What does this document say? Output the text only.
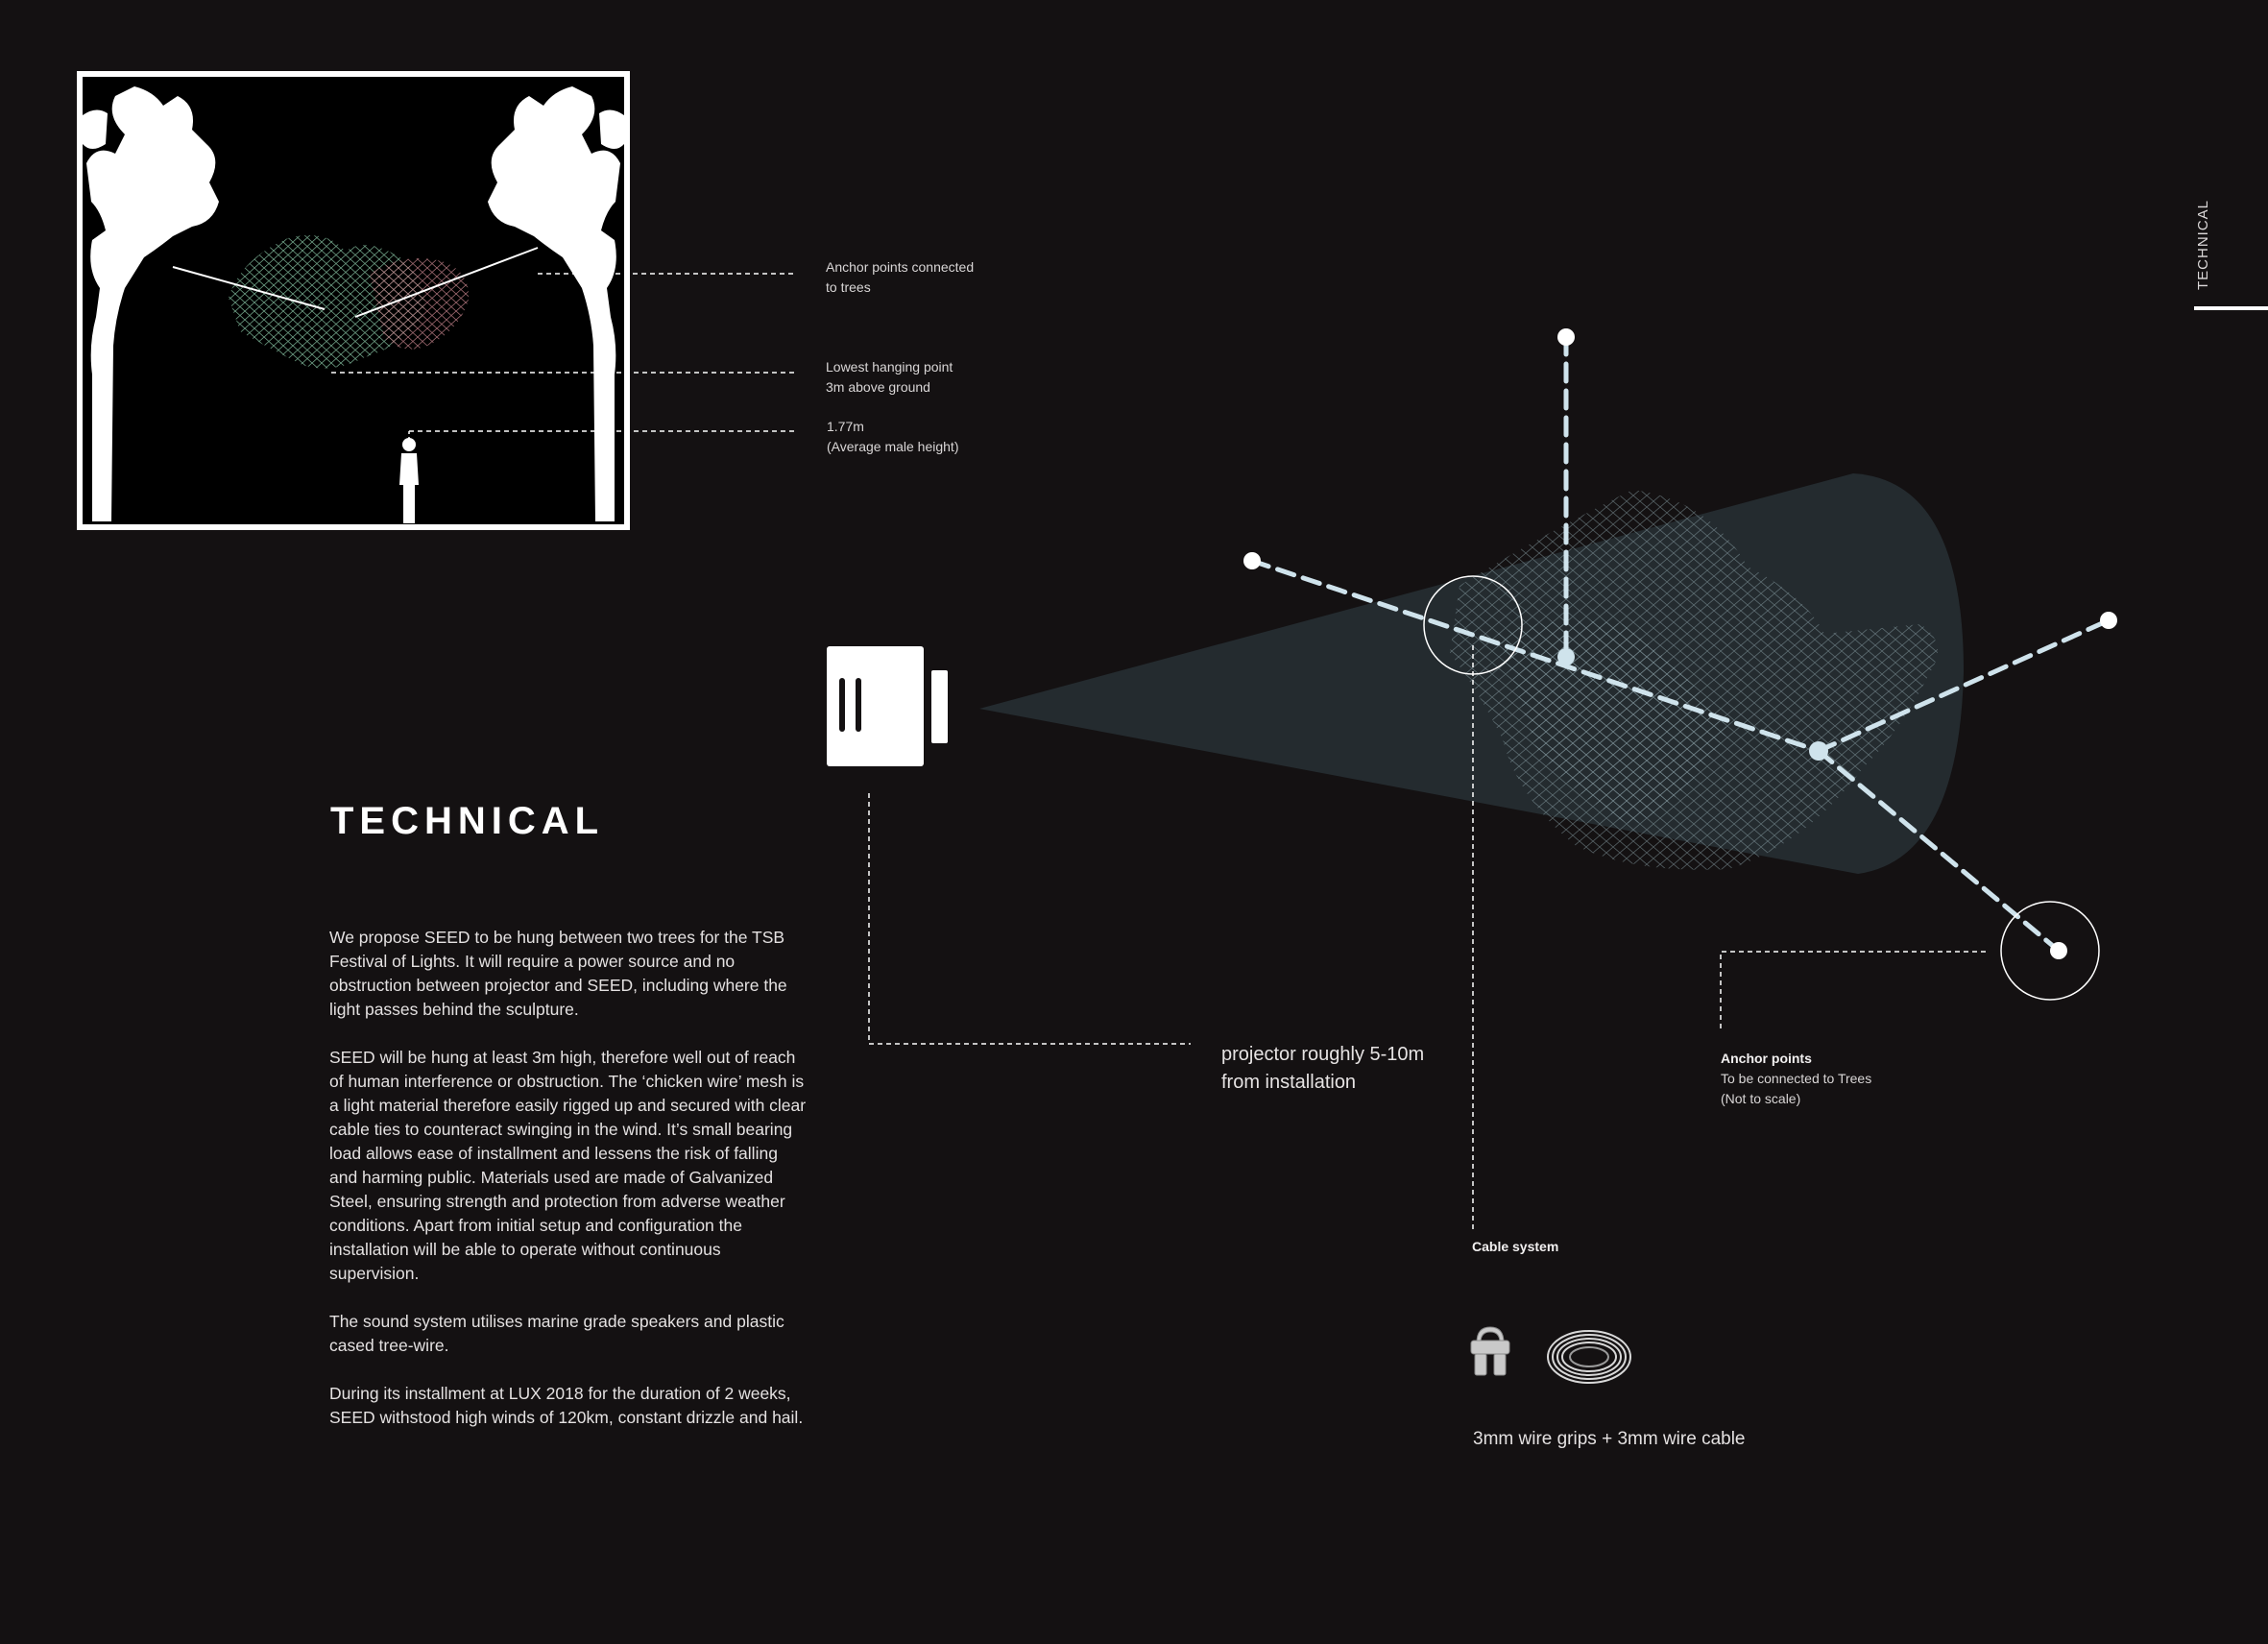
TECHNICAL
Anchor points connected
to trees
Lowest hanging point
3m above ground
1.77m
(Average male height)
TECHNICAL

We propose SEED to be hung between two trees for the TSB Festival of Lights. It will require a power source and no obstruction between projector and SEED, including where the light passes behind the sculpture.

SEED will be hung at least 3m high, therefore well out of reach of human interference or obstruction. The ‘chicken wire’ mesh is a light material therefore easily rigged up and secured with clear cable ties to counteract swinging in the wind. It’s small bearing load allows ease of installment and lessens the risk of falling and harming public. Materials used are made of Galvanized Steel, ensuring strength and protection from adverse weather conditions. Apart from initial setup and configuration the installation will be able to operate without continuous supervision.

The sound system utilises marine grade speakers and plastic cased tree-wire.

During its installment at LUX 2018 for the duration of 2 weeks, SEED withstood high winds of 120km, constant drizzle and hail.

projector roughly 5-10m
from installation
Anchor points
To be connected to Trees
(Not to scale)
Cable system
3mm wire grips + 3mm wire cable
